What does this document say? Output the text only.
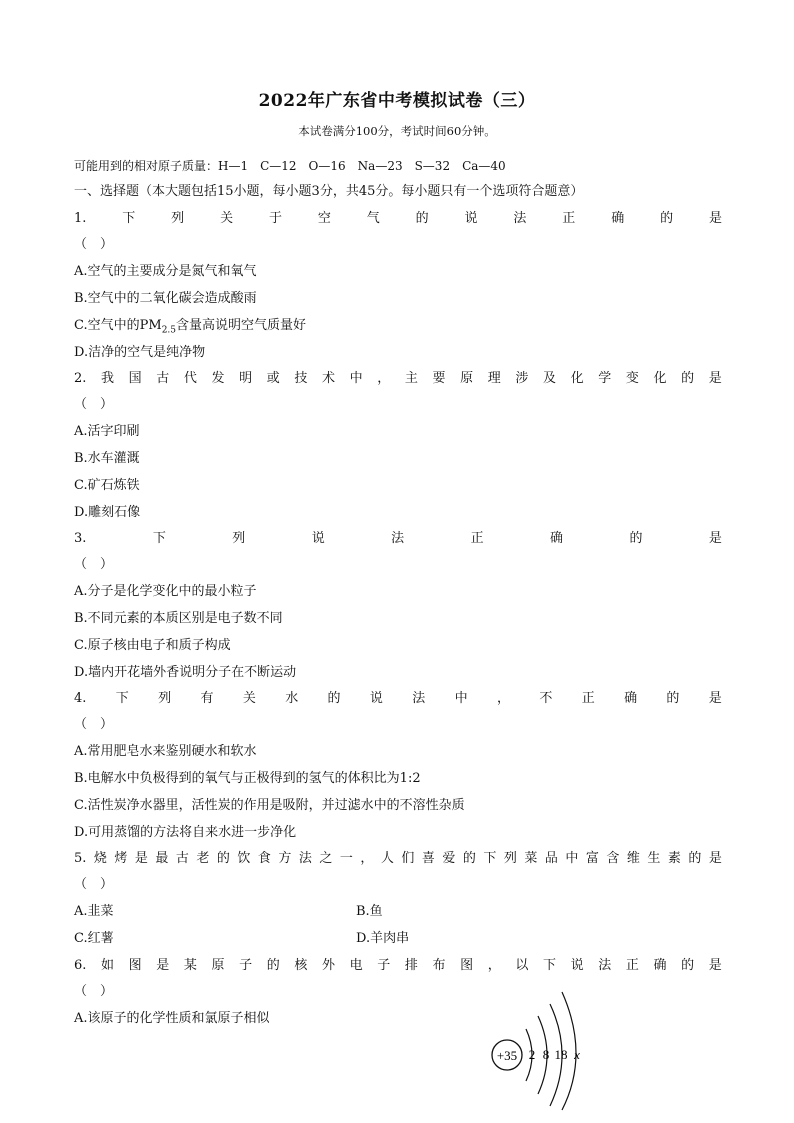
2022年广东省中考模拟试卷（三）
本试卷满分100分，考试时间60分钟。
可能用到的相对原子质量：H—1　C—12　O—16　Na—23　S—32　Ca—40
一、选择题（本大题包括15小题，每小题3分，共45分。每小题只有一个选项符合题意）
1.	下	列	关	于	空	气	的	说	法	正	确	的	是
（　）
A.空气的主要成分是氮气和氧气
B.空气中的二氧化碳会造成酸雨
C.空气中的$PM_{2.5}$含量高说明空气质量好
D.洁净的空气是纯净物
2. 我 国 古 代 发 明 或 技 术 中 ， 主 要 原 理 涉 及 化 学 变 化 的 是
（　）
A.活字印刷
B.水车灌溉
C.矿石炼铁
D.雕刻石像
3.	下	列	说	法	正	确	的	是
（　）
A.分子是化学变化中的最小粒子
B.不同元素的本质区别是电子数不同
C.原子核由电子和质子构成
D.墙内开花墙外香说明分子在不断运动
4. 下 列 有 关 水 的 说 法 中 ， 不 正 确 的 是
（　）
A.常用肥皂水来鉴别硬水和软水
B.电解水中负极得到的氧气与正极得到的氢气的体积比为1:2
C.活性炭净水器里，活性炭的作用是吸附，并过滤水中的不溶性杂质
D.可用蒸馏的方法将自来水进一步净化
5. 烧 烤 是 最 古 老 的 饮 食 方 法 之 一 ， 人 们 喜 爱 的 下 列 菜 品 中 富 含 维 生 素 的 是
（　）
A.韭菜	B.鱼
C.红薯	D.羊肉串
6. 如 图 是 某 原 子 的 核 外 电 子 排 布 图 ， 以 下 说 法 正 确 的 是
（　）
A.该原子的化学性质和氯原子相似
+35 2 8 18 x
